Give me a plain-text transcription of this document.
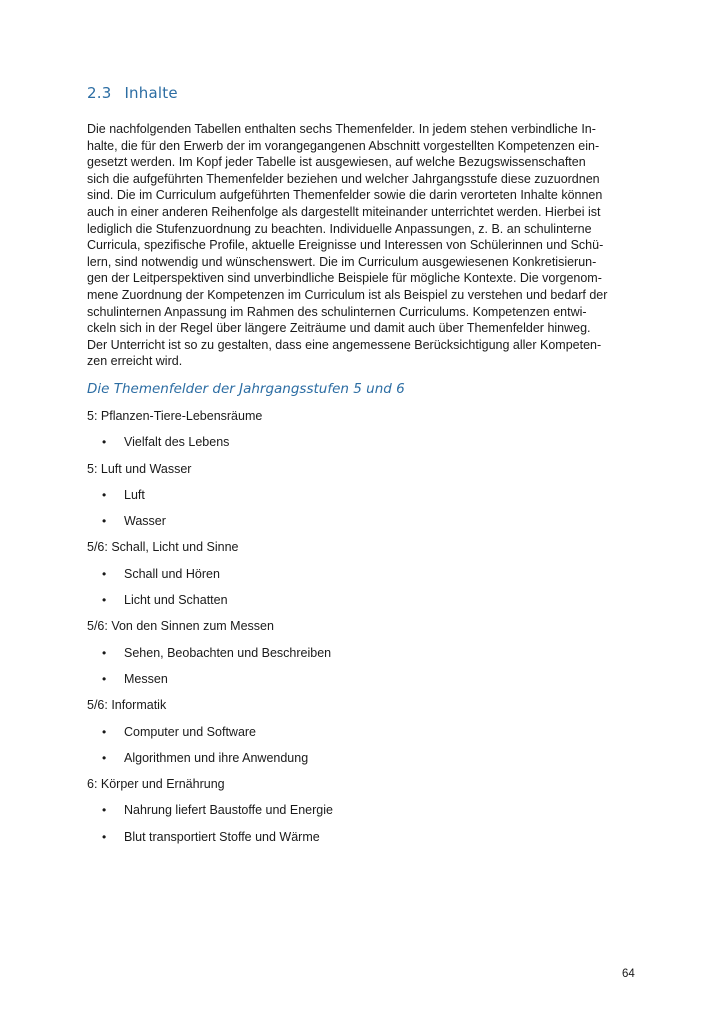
2.3 Inhalte

Die nachfolgenden Tabellen enthalten sechs Themenfelder. In jedem stehen verbindliche In-
halte, die für den Erwerb der im vorangegangenen Abschnitt vorgestellten Kompetenzen ein-
gesetzt werden. Im Kopf jeder Tabelle ist ausgewiesen, auf welche Bezugswissenschaften
sich die aufgeführten Themenfelder beziehen und welcher Jahrgangsstufe diese zuzuordnen
sind. Die im Curriculum aufgeführten Themenfelder sowie die darin verorteten Inhalte können
auch in einer anderen Reihenfolge als dargestellt miteinander unterrichtet werden. Hierbei ist
lediglich die Stufenzuordnung zu beachten. Individuelle Anpassungen, z. B. an schulinterne
Curricula, spezifische Profile, aktuelle Ereignisse und Interessen von Schülerinnen und Schü-
lern, sind notwendig und wünschenswert. Die im Curriculum ausgewiesenen Konkretisierun-
gen der Leitperspektiven sind unverbindliche Beispiele für mögliche Kontexte. Die vorgenom-
mene Zuordnung der Kompetenzen im Curriculum ist als Beispiel zu verstehen und bedarf der
schulinternen Anpassung im Rahmen des schulinternen Curriculums. Kompetenzen entwi-
ckeln sich in der Regel über längere Zeiträume und damit auch über Themenfelder hinweg.
Der Unterricht ist so zu gestalten, dass eine angemessene Berücksichtigung aller Kompeten-
zen erreicht wird.

Die Themenfelder der Jahrgangsstufen 5 und 6
5: Pflanzen-Tiere-Lebensräume
• Vielfalt des Lebens
5: Luft und Wasser
• Luft
• Wasser
5/6: Schall, Licht und Sinne
• Schall und Hören
• Licht und Schatten
5/6: Von den Sinnen zum Messen
• Sehen, Beobachten und Beschreiben
• Messen
5/6: Informatik
• Computer und Software
• Algorithmen und ihre Anwendung
6: Körper und Ernährung
• Nahrung liefert Baustoffe und Energie
• Blut transportiert Stoffe und Wärme
64
